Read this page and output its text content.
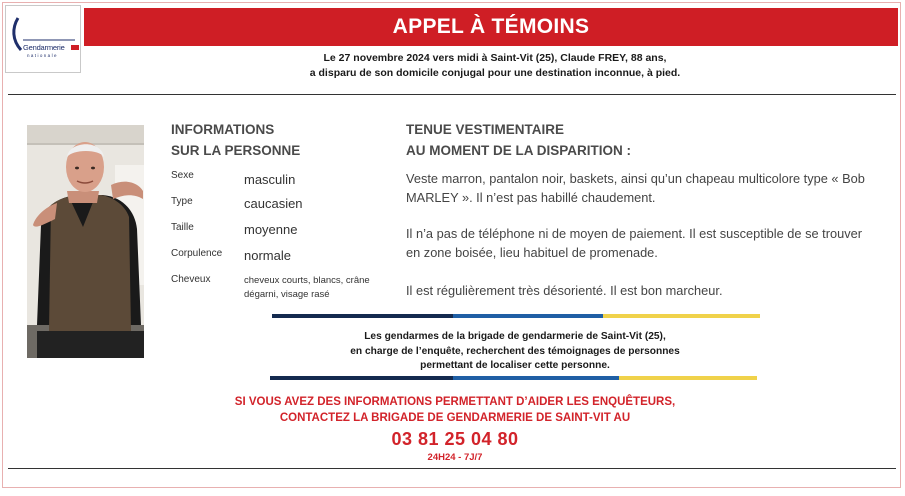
Gendarmerie
nationale
APPEL À TÉMOINS
Le 27 novembre 2024 vers midi à Saint-Vit (25), Claude FREY, 88 ans,
a disparu de son domicile conjugal pour une destination inconnue, à pied.
INFORMATIONS
SUR LA PERSONNE
Sexe	masculin
Type	caucasien
Taille	moyenne
Corpulence normale
Cheveux	cheveux courts, blancs, crâne dégarni, visage rasé
TENUE VESTIMENTAIRE
AU MOMENT DE LA DISPARITION :
Veste marron, pantalon noir, baskets, ainsi qu’un chapeau multicolore type « Bob MARLEY ». Il n’est pas habillé chaudement.
Il n’a pas de téléphone ni de moyen de paiement. Il est susceptible de se trouver en zone boisée, lieu habituel de promenade.
Il est régulièrement très désorienté. Il est bon marcheur.
Les gendarmes de la brigade de gendarmerie de Saint-Vit (25),
en charge de l’enquête, recherchent des témoignages de personnes
permettant de localiser cette personne.
SI VOUS AVEZ DES INFORMATIONS PERMETTANT D’AIDER LES ENQUÊTEURS,
CONTACTEZ LA BRIGADE DE GENDARMERIE DE SAINT-VIT AU
03 81 25 04 80
24H24 - 7J/7
